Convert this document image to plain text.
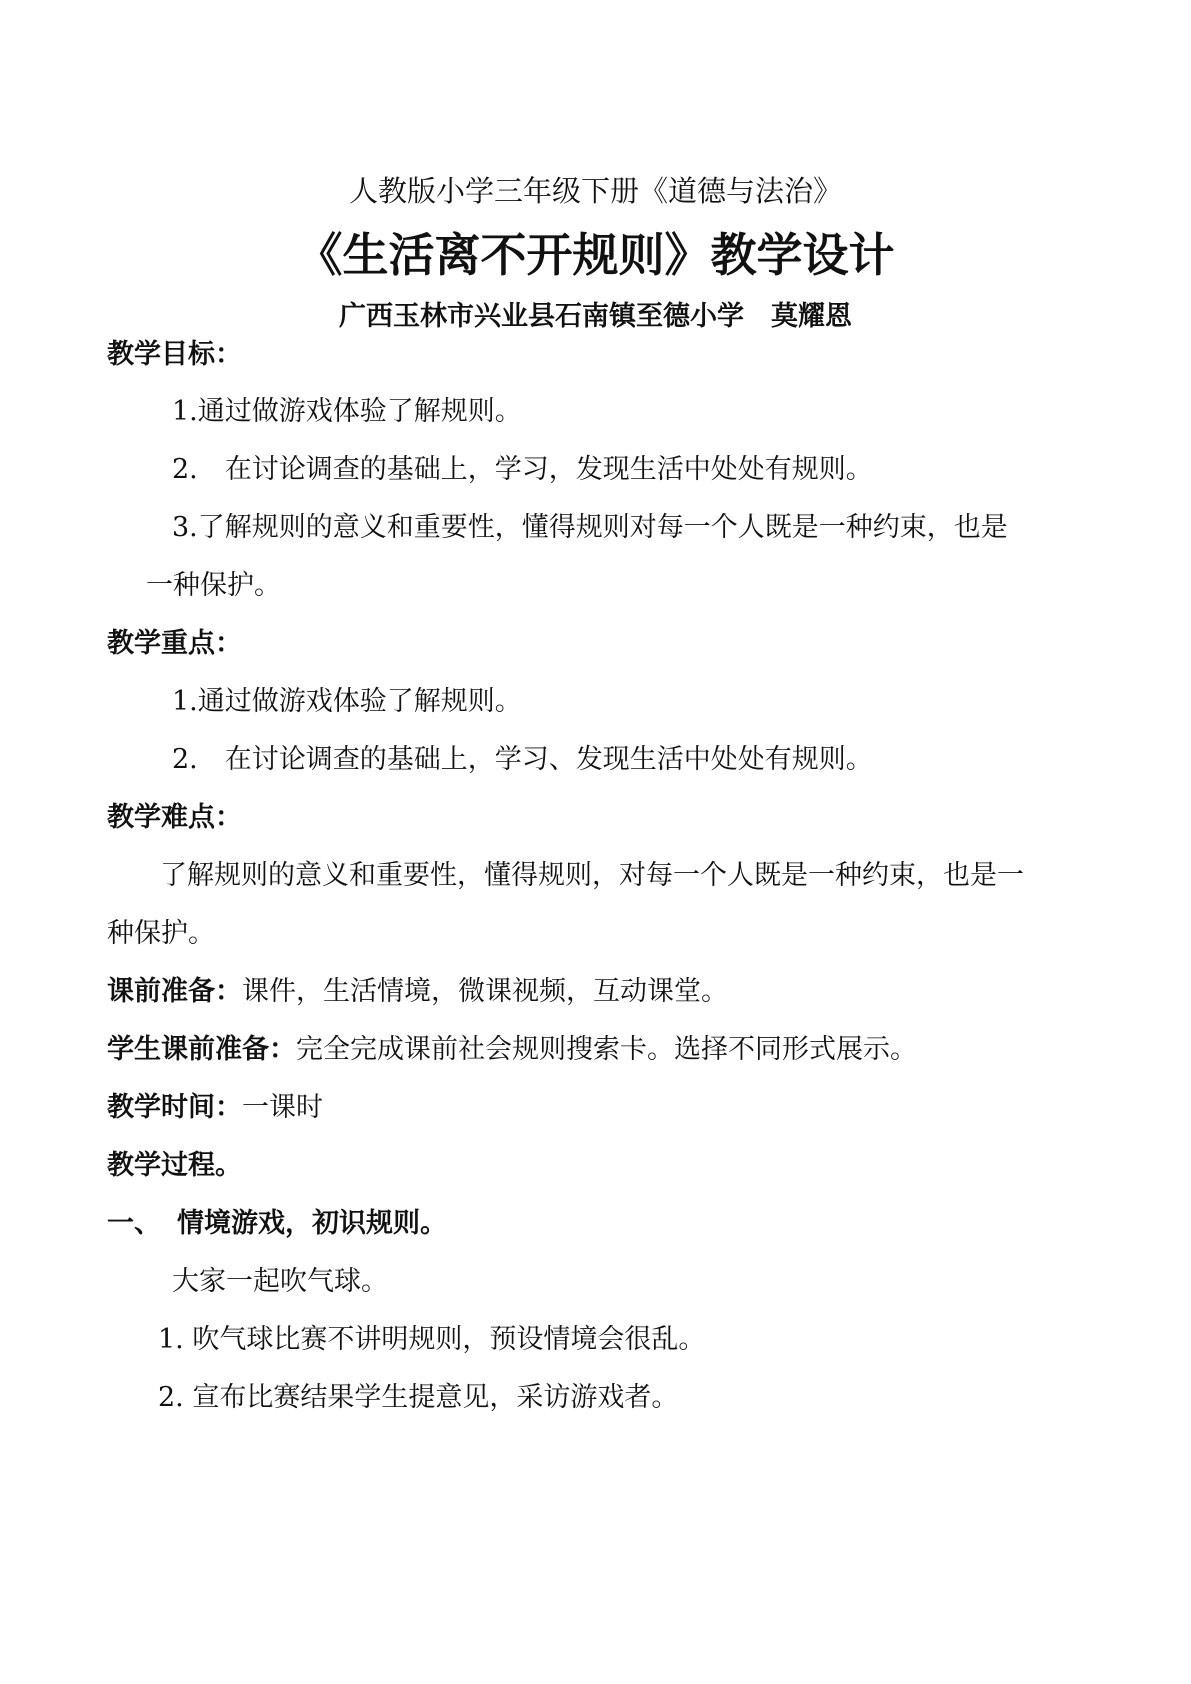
人教版小学三年级下册《道德与法治》
《生活离不开规则》教学设计
广西玉林市兴业县石南镇至德小学　莫耀恩
教学目标：
1.通过做游戏体验了解规则。
2.　在讨论调查的基础上，学习，发现生活中处处有规则。
3.了解规则的意义和重要性，懂得规则对每一个人既是一种约束，也是
一种保护。
教学重点：
1.通过做游戏体验了解规则。
2.　在讨论调查的基础上，学习、发现生活中处处有规则。
教学难点：
了解规则的意义和重要性，懂得规则，对每一个人既是一种约束，也是一
种保护。
课前准备：课件，生活情境，微课视频，互动课堂。
学生课前准备：完全完成课前社会规则搜索卡。选择不同形式展示。
教学时间：一课时
教学过程。
一、 情境游戏，初识规则。
大家一起吹气球。
1. 吹气球比赛不讲明规则，预设情境会很乱。
2. 宣布比赛结果学生提意见，采访游戏者。
